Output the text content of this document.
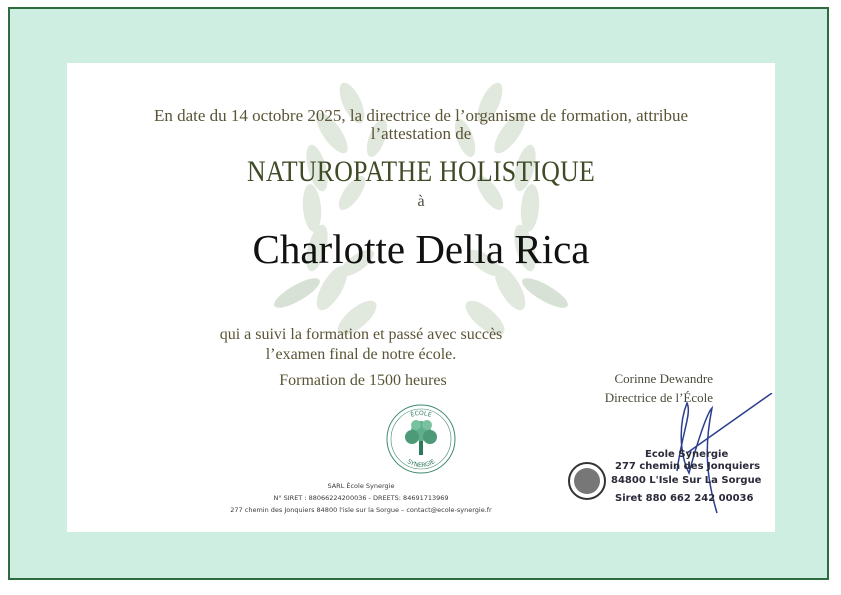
En date du 14 octobre 2025, la directrice de l’organisme de formation, attribue
l’attestation de
NATUROPATHE HOLISTIQUE
à
Charlotte Della Rica
qui a suivi la formation et passé avec succès
l’examen final de notre école.
Formation de 1500 heures	Corinne Dewandre
Directrice de l’École
ÉCOLE
SYNERGIE
SARL École Synergie
N° SIRET : 88066224200036 - DREETS: 84691713969
277 chemin des Jonquiers 84800 l'isle sur la Sorgue – contact@ecole-synergie.fr
Ecole Synergie
277 chemin des Jonquiers
84800 L'Isle Sur La Sorgue
Siret 880 662 242 00036
